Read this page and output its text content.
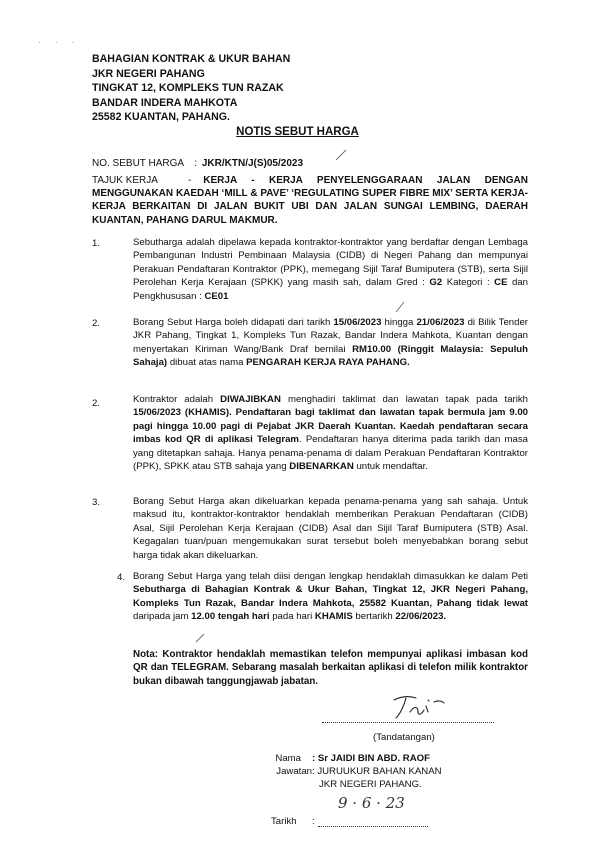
· · ·
BAHAGIAN KONTRAK & UKUR BAHAN
JKR NEGERI PAHANG
TINGKAT 12, KOMPLEKS TUN RAZAK
BANDAR INDERA MAHKOTA
25582 KUANTAN, PAHANG.
NOTIS SEBUT HARGA
NO. SEBUT HARGA : JKR/KTN/J(S)05/2023
TAJUK KERJA	- KERJA - KERJA PENYELENGGARAAN JALAN DENGAN
MENGGUNAKAN KAEDAH ‘MILL & PAVE’ ‘REGULATING SUPER FIBRE MIX’ SERTA KERJA-KERJA BERKAITAN DI JALAN BUKIT UBI DAN JALAN SUNGAI LEMBING, DAERAH KUANTAN, PAHANG DARUL MAKMUR.
1.	Sebutharga adalah dipelawa kepada kontraktor-kontraktor yang berdaftar dengan Lembaga Pembangunan Industri Pembinaan Malaysia (CIDB) di Negeri Pahang dan mempunyai Perakuan Pendaftaran Kontraktor (PPK), memegang Sijil Taraf Bumiputera (STB), serta Sijil Perolehan Kerja Kerajaan (SPKK) yang masih sah, dalam Gred : G2 Kategori : CE dan Pengkhususan : CE01
2.	Borang Sebut Harga boleh didapati dari tarikh 15/06/2023 hingga 21/06/2023 di Bilik Tender JKR Pahang, Tingkat 1, Kompleks Tun Razak, Bandar Indera Mahkota, Kuantan dengan menyertakan Kiriman Wang/Bank Draf bernilai RM10.00 (Ringgit Malaysia: Sepuluh Sahaja) dibuat atas nama PENGARAH KERJA RAYA PAHANG.
2.	Kontraktor adalah DIWAJIBKAN menghadiri taklimat dan lawatan tapak pada tarikh 15/06/2023 (KHAMIS). Pendaftaran bagi taklimat dan lawatan tapak bermula jam 9.00 pagi hingga 10.00 pagi di Pejabat JKR Daerah Kuantan. Kaedah pendaftaran secara imbas kod QR di aplikasi Telegram. Pendaftaran hanya diterima pada tarikh dan masa yang ditetapkan sahaja. Hanya penama-penama di dalam Perakuan Pendaftaran Kontraktor (PPK), SPKK atau STB sahaja yang DIBENARKAN untuk mendaftar.
3.	Borang Sebut Harga akan dikeluarkan kepada penama-penama yang sah sahaja. Untuk maksud itu, kontraktor-kontraktor hendaklah memberikan Perakuan Pendaftaran (CIDB) Asal, Sijil Perolehan Kerja Kerajaan (CIDB) Asal dan Sijil Taraf Bumiputera (STB) Asal. Kegagalan tuan/puan mengemukakan surat tersebut boleh menyebabkan borang sebut harga tidak akan dikeluarkan.
4. Borang Sebut Harga yang telah diisi dengan lengkap hendaklah dimasukkan ke dalam Peti Sebutharga di Bahagian Kontrak & Ukur Bahan, Tingkat 12, JKR Negeri Pahang, Kompleks Tun Razak, Bandar Indera Mahkota, 25582 Kuantan, Pahang tidak lewat daripada jam 12.00 tengah hari pada hari KHAMIS bertarikh 22/06/2023.
Nota: Kontraktor hendaklah memastikan telefon mempunyai aplikasi imbasan kod QR dan TELEGRAM. Sebarang masalah berkaitan aplikasi di telefon milik kontraktor bukan dibawah tanggungjawab jabatan.
(Tandatangan)
Nama : Sr JAIDI BIN ABD. RAOF
Jawatan : JURUUKUR BAHAN KANAN
JKR NEGERI PAHANG.
Tarikh :
9 · 6 · 23
